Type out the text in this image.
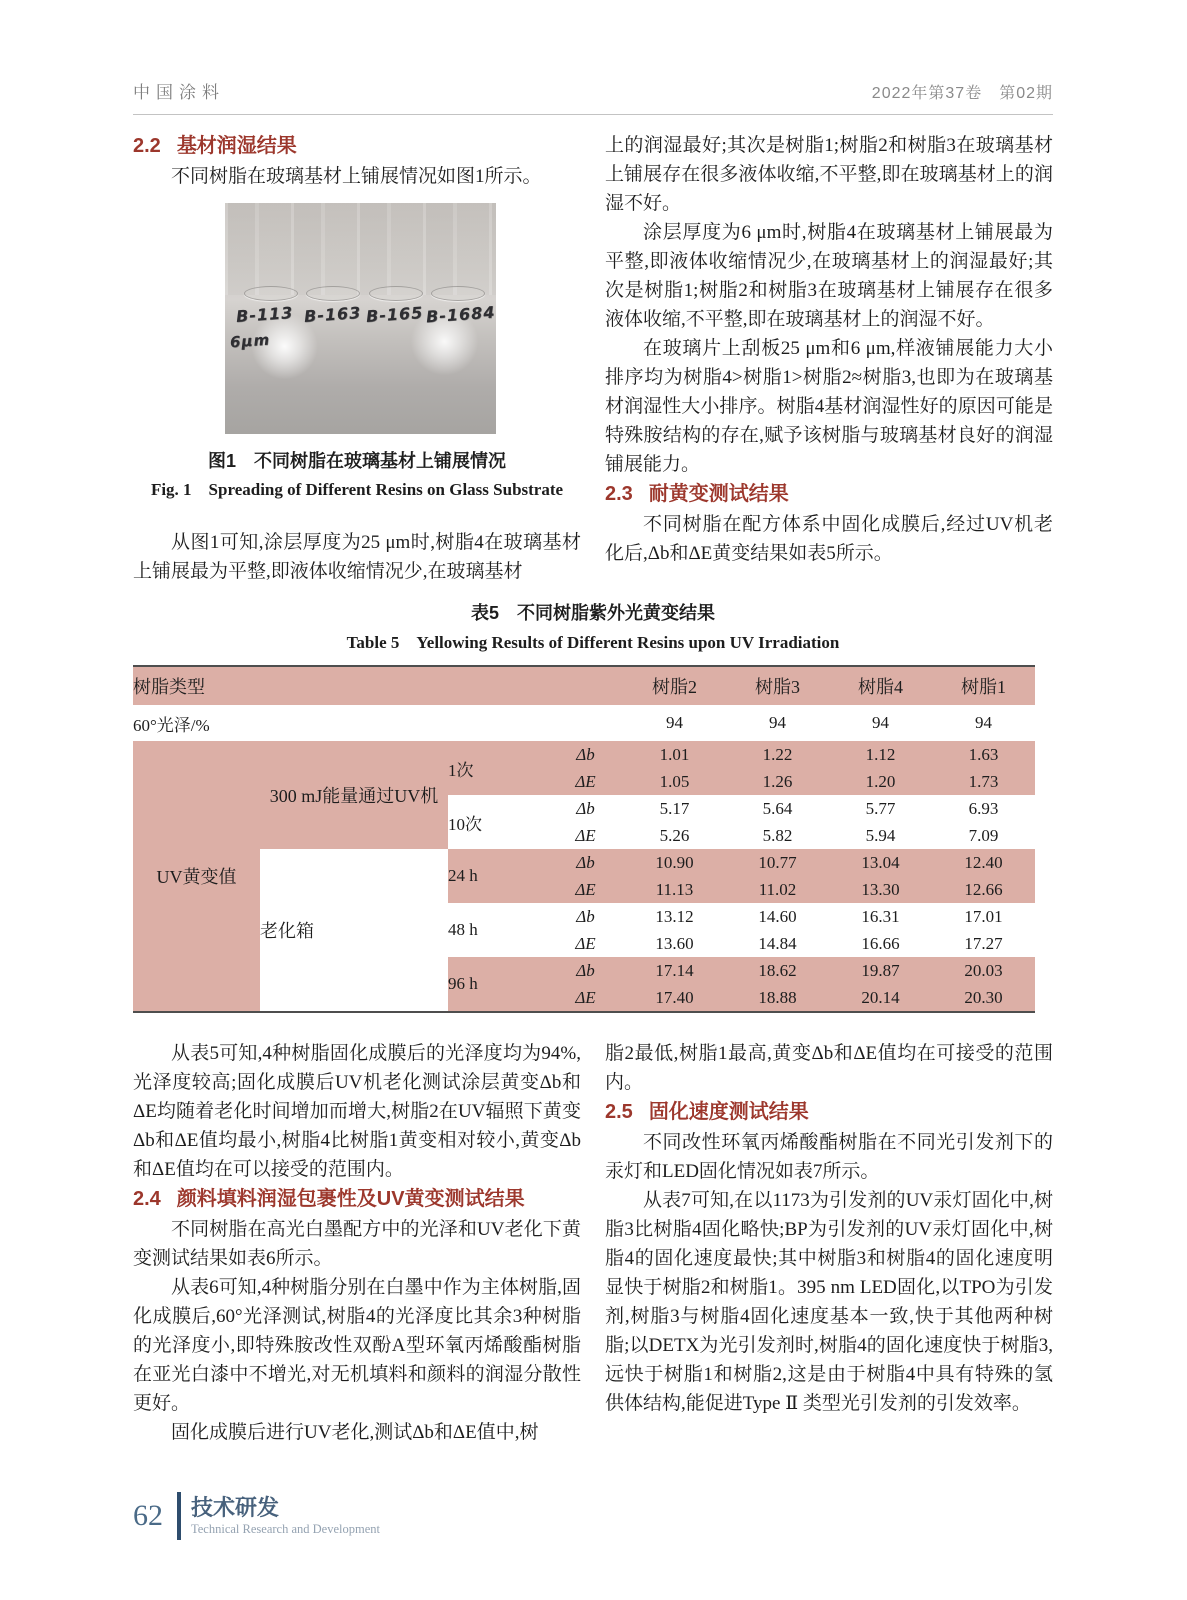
中国涂料	2022年第37卷　第02期
2.2 基材润湿结果

不同树脂在玻璃基材上铺展情况如图1所示。

B-113 B-163 B-165 B-1684
6μm
图1　不同树脂在玻璃基材上铺展情况
Fig. 1　Spreading of Different Resins on Glass Substrate

从图1可知,涂层厚度为25 μm时,树脂4在玻璃基材上铺展最为平整,即液体收缩情况少,在玻璃基材

上的润湿最好;其次是树脂1;树脂2和树脂3在玻璃基材上铺展存在很多液体收缩,不平整,即在玻璃基材上的润湿不好。

涂层厚度为6 μm时,树脂4在玻璃基材上铺展最为平整,即液体收缩情况少,在玻璃基材上的润湿最好;其次是树脂1;树脂2和树脂3在玻璃基材上铺展存在很多液体收缩,不平整,即在玻璃基材上的润湿不好。

在玻璃片上刮板25 μm和6 μm,样液铺展能力大小排序均为树脂4>树脂1>树脂2≈树脂3,也即为在玻璃基材润湿性大小排序。树脂4基材润湿性好的原因可能是特殊胺结构的存在,赋予该树脂与玻璃基材良好的润湿铺展能力。

2.3 耐黄变测试结果

不同树脂在配方体系中固化成膜后,经过UV机老化后,Δb和ΔE黄变结果如表5所示。

表5　不同树脂紫外光黄变结果
Table 5　Yellowing Results of Different Resins upon UV Irradiation
树脂类型				树脂2	树脂3	树脂4	树脂1
60°光泽/%				94	94	94	94
UV黄变值	300 mJ能量通过UV机	1次	Δb	1.01	1.22	1.12	1.63
			ΔE	1.05	1.26	1.20	1.73
		10次	Δb	5.17	5.64	5.77	6.93
			ΔE	5.26	5.82	5.94	7.09
	老化箱	24 h	Δb	10.90	10.77	13.04	12.40
			ΔE	11.13	11.02	13.30	12.66
		48 h	Δb	13.12	14.60	16.31	17.01
			ΔE	13.60	14.84	16.66	17.27
		96 h	Δb	17.14	18.62	19.87	20.03
			ΔE	17.40	18.88	20.14	20.30

从表5可知,4种树脂固化成膜后的光泽度均为94%,光泽度较高;固化成膜后UV机老化测试涂层黄变Δb和ΔE均随着老化时间增加而增大,树脂2在UV辐照下黄变Δb和ΔE值均最小,树脂4比树脂1黄变相对较小,黄变Δb和ΔE值均在可以接受的范围内。

2.4 颜料填料润湿包裹性及UV黄变测试结果

不同树脂在高光白墨配方中的光泽和UV老化下黄变测试结果如表6所示。

从表6可知,4种树脂分别在白墨中作为主体树脂,固化成膜后,60°光泽测试,树脂4的光泽度比其余3种树脂的光泽度小,即特殊胺改性双酚A型环氧丙烯酸酯树脂在亚光白漆中不增光,对无机填料和颜料的润湿分散性更好。

固化成膜后进行UV老化,测试Δb和ΔE值中,树

脂2最低,树脂1最高,黄变Δb和ΔE值均在可接受的范围内。

2.5 固化速度测试结果

不同改性环氧丙烯酸酯树脂在不同光引发剂下的汞灯和LED固化情况如表7所示。

从表7可知,在以1173为引发剂的UV汞灯固化中,树脂3比树脂4固化略快;BP为引发剂的UV汞灯固化中,树脂4的固化速度最快;其中树脂3和树脂4的固化速度明显快于树脂2和树脂1。395 nm LED固化,以TPO为引发剂,树脂3与树脂4固化速度基本一致,快于其他两种树脂;以DETX为光引发剂时,树脂4的固化速度快于树脂3,远快于树脂1和树脂2,这是由于树脂4中具有特殊的氢供体结构,能促进Type Ⅱ 类型光引发剂的引发效率。

62 技术研发
Technical Research and Development
